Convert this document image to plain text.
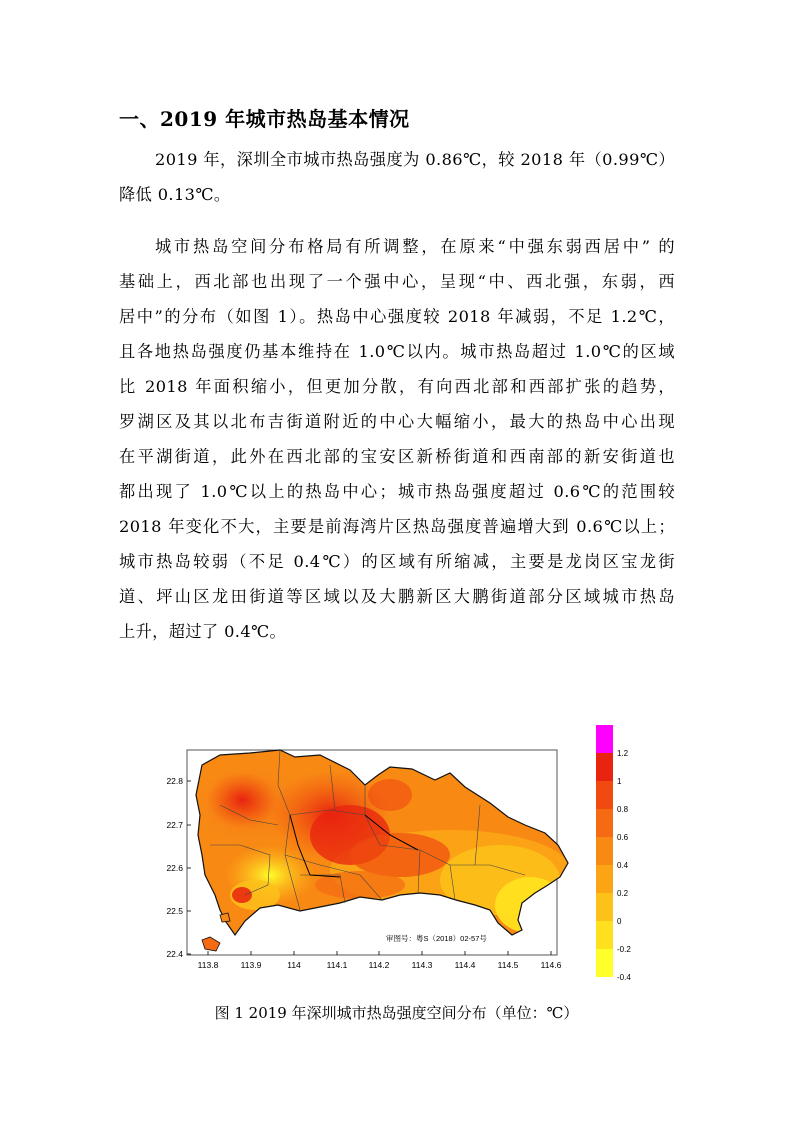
一、2019 年城市热岛基本情况
2019 年，深圳全市城市热岛强度为 0.86℃，较 2018 年（0.99℃）
降低 0.13℃。
城市热岛空间分布格局有所调整，在原来“中强东弱西居中” 的
基础上，西北部也出现了一个强中心，呈现“中、西北强，东弱，西
居中”的分布（如图 1）。热岛中心强度较 2018 年减弱，不足 1.2℃，
且各地热岛强度仍基本维持在 1.0℃以内。城市热岛超过 1.0℃的区域
比 2018 年面积缩小，但更加分散，有向西北部和西部扩张的趋势，
罗湖区及其以北布吉街道附近的中心大幅缩小，最大的热岛中心出现
在平湖街道，此外在西北部的宝安区新桥街道和西南部的新安街道也
都出现了 1.0℃以上的热岛中心；城市热岛强度超过 0.6℃的范围较
2018 年变化不大，主要是前海湾片区热岛强度普遍增大到 0.6℃以上；
城市热岛较弱（不足 0.4℃）的区域有所缩减，主要是龙岗区宝龙街
道、坪山区龙田街道等区域以及大鹏新区大鹏街道部分区域城市热岛
上升，超过了 0.4℃。
22.8
22.7
22.6
22.5
22.4
113.8	113.9	114	114.1	114.2	114.3	114.4	114.5	114.6
审图号：粤S（2018）02-57号
1.2
1
0.8
0.6
0.4
0.2
0
-0.2
-0.4
图 1 2019 年深圳城市热岛强度空间分布（单位：℃）
